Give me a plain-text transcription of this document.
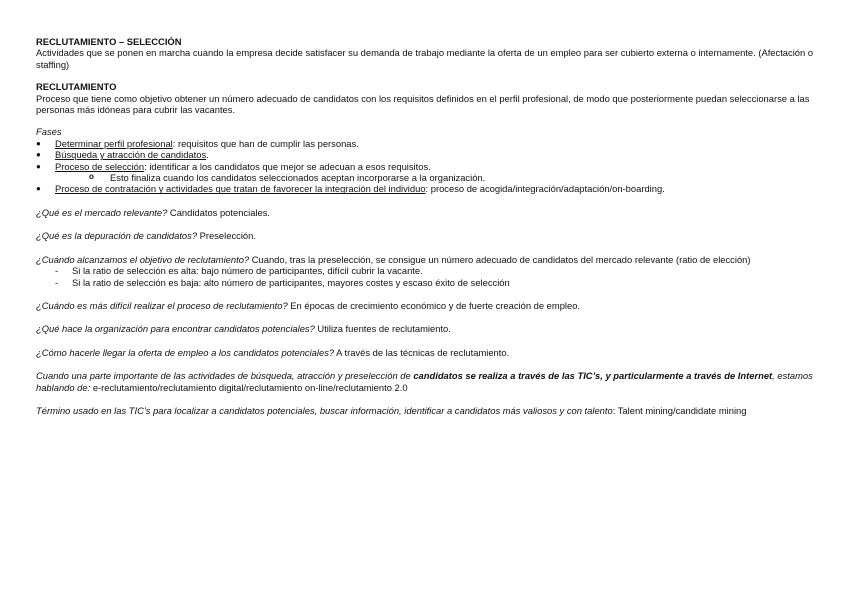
RECLUTAMIENTO – SELECCIÓN

Actividades que se ponen en marcha cuando la empresa decide satisfacer su demanda de trabajo mediante la oferta de un empleo para ser cubierto externa o internamente. (Afectación o staffing)

RECLUTAMIENTO

Proceso que tiene como objetivo obtener un número adecuado de candidatos con los requisitos definidos en el perfil profesional, de modo que posteriormente puedan seleccionarse a las personas más idóneas para cubrir las vacantes.

Fases

● Determinar perfil profesional: requisitos que han de cumplir las personas.
● Búsqueda y atracción de candidatos.
● Proceso de selección: identificar a los candidatos que mejor se adecuan a esos requisitos.
o Esto finaliza cuando los candidatos seleccionados aceptan incorporarse a la organización.
● Proceso de contratación y actividades que tratan de favorecer la integración del individuo: proceso de acogida/integración/adaptación/on-boarding.

¿Qué es el mercado relevante? Candidatos potenciales.

¿Qué es la depuración de candidatos? Preselección.

¿Cuándo alcanzamos el objetivo de reclutamiento? Cuando, tras la preselección, se consigue un número adecuado de candidatos del mercado relevante (ratio de elección)

- Si la ratio de selección es alta: bajo número de participantes, difícil cubrir la vacante.
- Si la ratio de selección es baja: alto número de participantes, mayores costes y escaso éxito de selección

¿Cuándo es más difícil realizar el proceso de reclutamiento? En épocas de crecimiento económico y de fuerte creación de empleo.

¿Qué hace la organización para encontrar candidatos potenciales? Utiliza fuentes de reclutamiento.

¿Cómo hacerle llegar la oferta de empleo a los candidatos potenciales? A través de las técnicas de reclutamiento.

Cuando una parte importante de las actividades de búsqueda, atracción y preselección de candidatos se realiza a través de las TIC’s, y particularmente a través de Internet, estamos hablando de: e-reclutamiento/reclutamiento digital/reclutamiento on-line/reclutamiento 2.0

Término usado en las TIC’s para localizar a candidatos potenciales, buscar información, identificar a candidatos más valiosos y con talento: Talent mining/candidate mining
